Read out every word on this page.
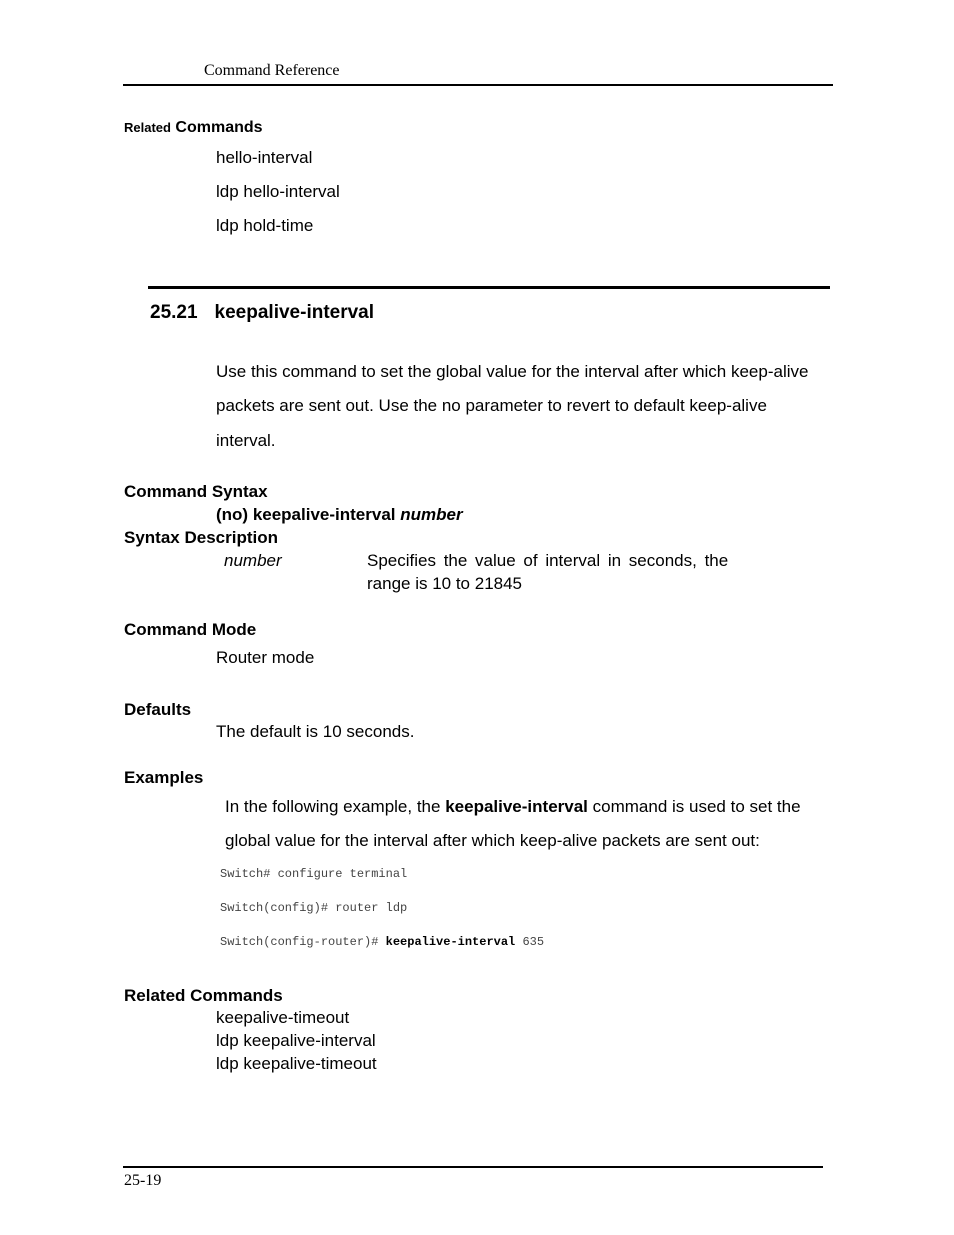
Command Reference
Related Commands
hello-interval
ldp hello-interval
ldp hold-time
25.21 keepalive-interval
Use this command to set the global value for the interval after which keep-alive
packets are sent out. Use the no parameter to revert to default keep-alive
interval.
Command Syntax
(no) keepalive-interval number
Syntax Description
number	Specifies the value of interval in seconds, the
range is 10 to 21845
Command Mode
Router mode
Defaults
The default is 10 seconds.
Examples
In the following example, the keepalive-interval command is used to set the
global value for the interval after which keep-alive packets are sent out:
Switch# configure terminal
Switch(config)# router ldp
Switch(config-router)# keepalive-interval 635
Related Commands
keepalive-timeout
ldp keepalive-interval
ldp keepalive-timeout
25-19
